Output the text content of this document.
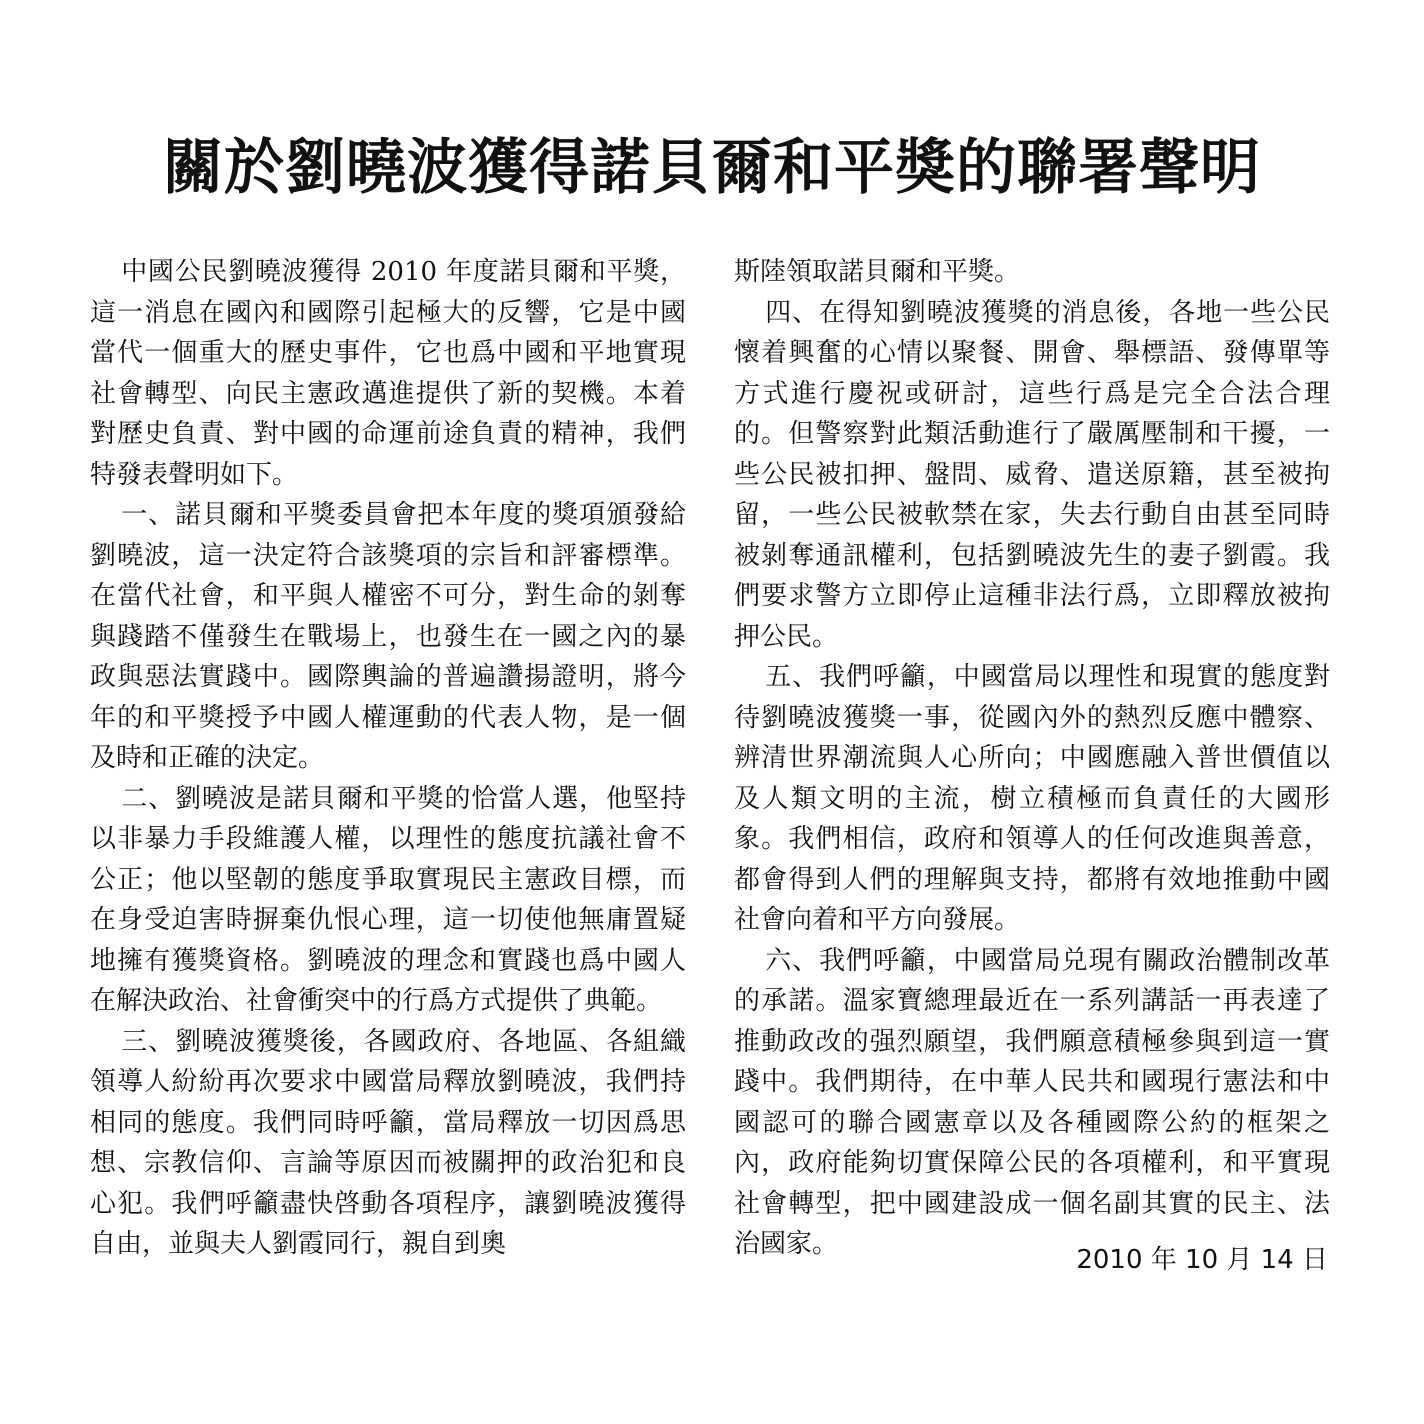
關於劉曉波獲得諾貝爾和平獎的聯署聲明

中國公民劉曉波獲得 2010 年度諾貝爾和平獎，這一消息在國內和國際引起極大的反響，它是中國當代一個重大的歷史事件，它也爲中國和平地實現社會轉型、向民主憲政邁進提供了新的契機。本着對歷史負責、對中國的命運前途負責的精神，我們特發表聲明如下。

一、諾貝爾和平獎委員會把本年度的獎項頒發給劉曉波，這一決定符合該獎項的宗旨和評審標準。在當代社會，和平與人權密不可分，對生命的剝奪與踐踏不僅發生在戰場上，也發生在一國之內的暴政與惡法實踐中。國際輿論的普遍讚揚證明，將今年的和平獎授予中國人權運動的代表人物，是一個及時和正確的決定。

二、劉曉波是諾貝爾和平獎的恰當人選，他堅持以非暴力手段維護人權，以理性的態度抗議社會不公正；他以堅韌的態度爭取實現民主憲政目標，而在身受迫害時摒棄仇恨心理，這一切使他無庸置疑地擁有獲獎資格。劉曉波的理念和實踐也爲中國人在解決政治、社會衝突中的行爲方式提供了典範。

三、劉曉波獲獎後，各國政府、各地區、各組織領導人紛紛再次要求中國當局釋放劉曉波，我們持相同的態度。我們同時呼籲，當局釋放一切因爲思想、宗教信仰、言論等原因而被關押的政治犯和良心犯。我們呼籲盡快啓動各項程序，讓劉曉波獲得自由，並與夫人劉霞同行，親自到奧

斯陸領取諾貝爾和平獎。

四、在得知劉曉波獲獎的消息後，各地一些公民懷着興奮的心情以聚餐、開會、舉標語、發傳單等方式進行慶祝或研討，這些行爲是完全合法合理的。但警察對此類活動進行了嚴厲壓制和干擾，一些公民被扣押、盤問、威脅、遣送原籍，甚至被拘留，一些公民被軟禁在家，失去行動自由甚至同時被剝奪通訊權利，包括劉曉波先生的妻子劉霞。我們要求警方立即停止這種非法行爲，立即釋放被拘押公民。

五、我們呼籲，中國當局以理性和現實的態度對待劉曉波獲獎一事，從國內外的熱烈反應中體察、辨清世界潮流與人心所向；中國應融入普世價值以及人類文明的主流，樹立積極而負責任的大國形象。我們相信，政府和領導人的任何改進與善意，都會得到人們的理解與支持，都將有效地推動中國社會向着和平方向發展。

六、我們呼籲，中國當局兑現有關政治體制改革的承諾。溫家寶總理最近在一系列講話一再表達了推動政改的强烈願望，我們願意積極參與到這一實踐中。我們期待，在中華人民共和國現行憲法和中國認可的聯合國憲章以及各種國際公約的框架之內，政府能夠切實保障公民的各項權利，和平實現社會轉型，把中國建設成一個名副其實的民主、法治國家。

2010 年 10 月 14 日
